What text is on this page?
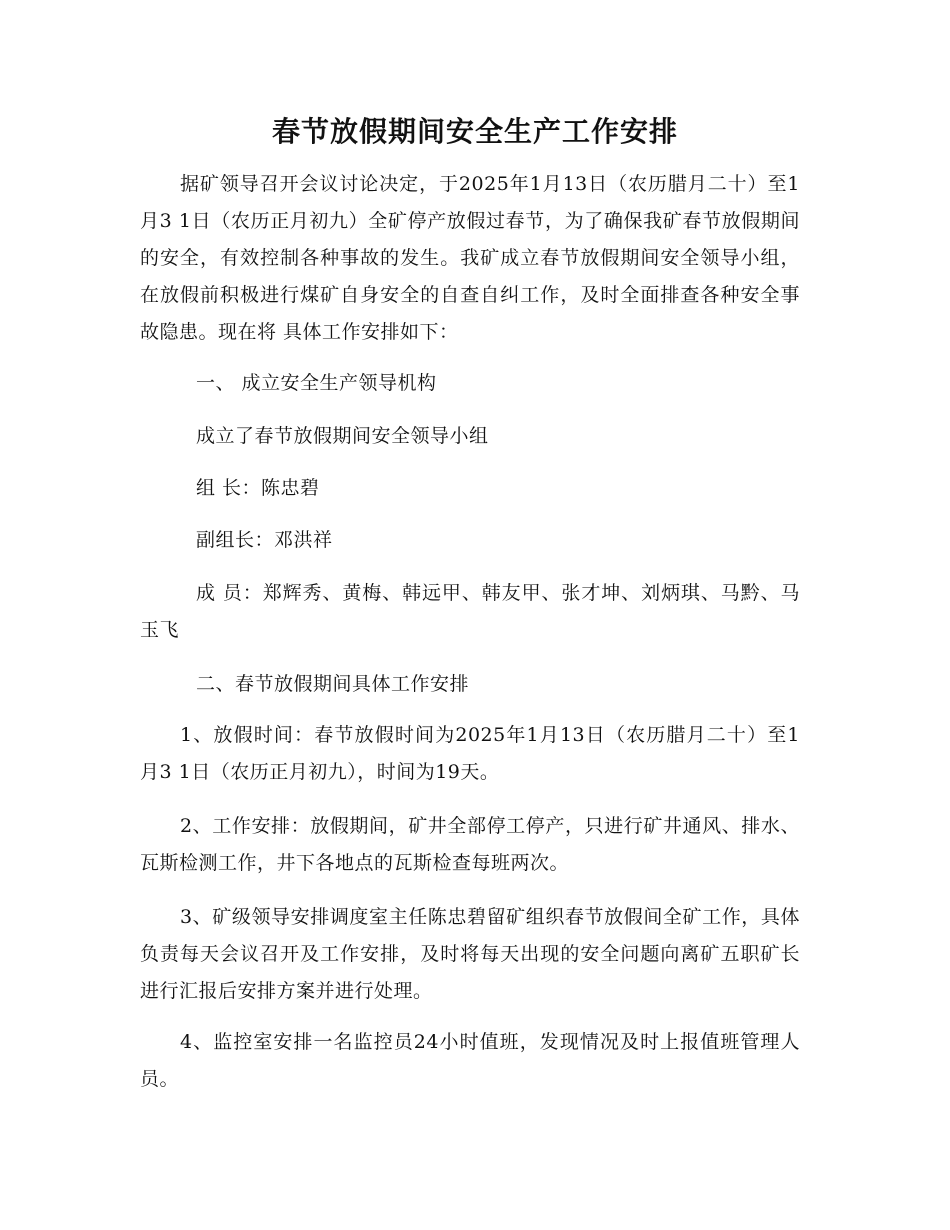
春节放假期间安全生产工作安排

据矿领导召开会议讨论决定，于2025年1月13日（农历腊月二十）至1月3 1日（农历正月初九）全矿停产放假过春节，为了确保我矿春节放假期间的安全，有效控制各种事故的发生。我矿成立春节放假期间安全领导小组，在放假前积极进行煤矿自身安全的自查自纠工作，及时全面排查各种安全事故隐患。现在将 具体工作安排如下：

一、 成立安全生产领导机构

成立了春节放假期间安全领导小组

组 长：陈忠碧

副组长：邓洪祥

成 员：郑辉秀、黄梅、韩远甲、韩友甲、张才坤、刘炳琪、马黔、马玉飞

二、春节放假期间具体工作安排

1、放假时间：春节放假时间为2025年1月13日（农历腊月二十）至1月3 1日（农历正月初九），时间为19天。

2、工作安排：放假期间，矿井全部停工停产，只进行矿井通风、排水、瓦斯检测工作，井下各地点的瓦斯检查每班两次。

3、矿级领导安排调度室主任陈忠碧留矿组织春节放假间全矿工作，具体负责每天会议召开及工作安排，及时将每天出现的安全问题向离矿五职矿长进行汇报后安排方案并进行处理。

4、监控室安排一名监控员24小时值班，发现情况及时上报值班管理人员。
